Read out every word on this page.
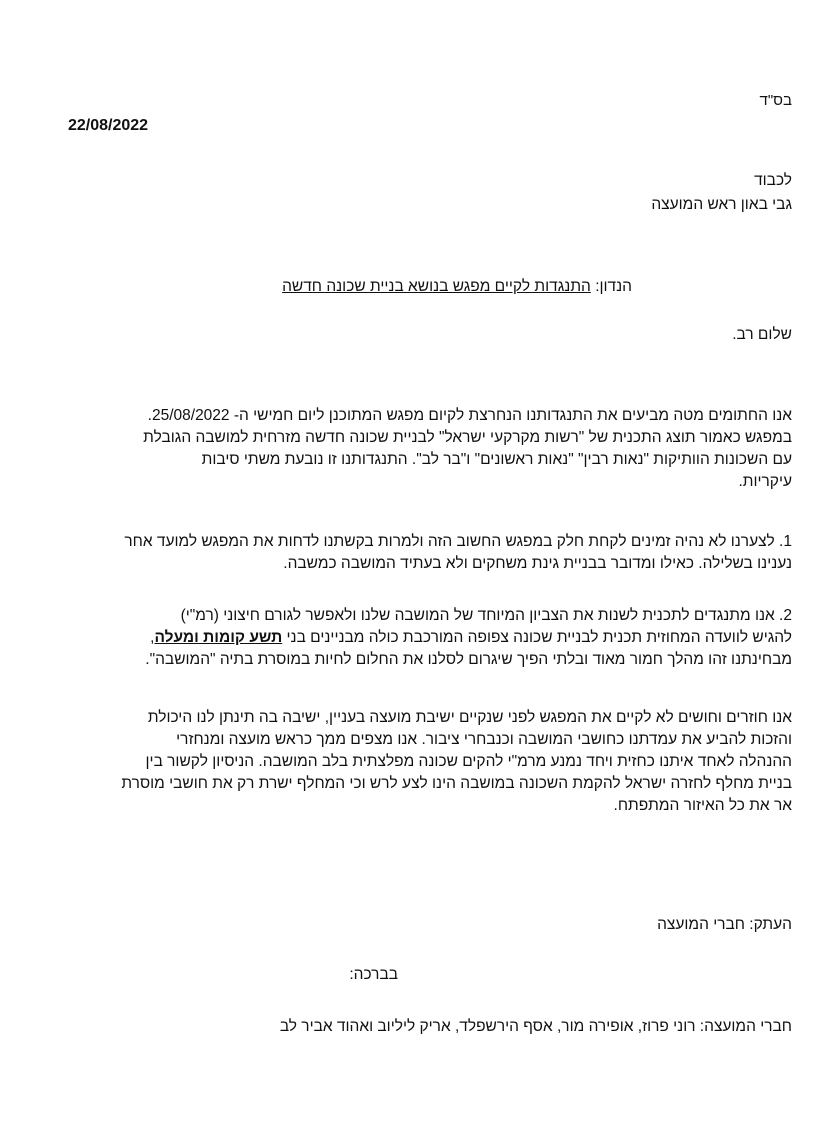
בס"ד
22/08/2022
לכבוד
גבי באון ראש המועצה
הנדון: התנגדות לקיים מפגש בנושא בניית שכונה חדשה
שלום רב.
אנו החתומים מטה מביעים את התנגדותנו הנחרצת לקיום מפגש המתוכנן ליום חמישי ה- 25/08/2022.
במפגש כאמור תוצג התכנית של "רשות מקרקעי ישראל" לבניית שכונה חדשה מזרחית למושבה הגובלת
עם השכונות הוותיקות "נאות רבין" "נאות ראשונים" ו"בר לב". התנגדותנו זו נובעת משתי סיבות
עיקריות.
1. לצערנו לא נהיה זמינים לקחת חלק במפגש החשוב הזה ולמרות בקשתנו לדחות את המפגש למועד אחר
נענינו בשלילה. כאילו ומדובר בבניית גינת משחקים ולא בעתיד המושבה כמשבה.
2. אנו מתנגדים לתכנית לשנות את הצביון המיוחד של המושבה שלנו ולאפשר לגורם חיצוני (רמ"י)
להגיש לוועדה המחוזית תכנית לבניית שכונה צפופה המורכבת כולה מבניינים בני תשע קומות ומעלה,
מבחינתנו זהו מהלך חמור מאוד ובלתי הפיך שיגרום לסלנו את החלום לחיות במוסרת בתיה "המושבה".
אנו חוזרים וחושים לא לקיים את המפגש לפני שנקיים ישיבת מועצה בעניין, ישיבה בה תינתן לנו היכולת
והזכות להביע את עמדתנו כחושבי המושבה וכנבחרי ציבור. אנו מצפים ממך כראש מועצה ומנחזרי
ההנהלה לאחד איתנו כחזית ויחד נמנע מרמ"י להקים שכונה מפלצתית בלב המושבה. הניסיון לקשור בין
בניית מחלף לחזרה ישראל להקמת השכונה במושבה הינו לצע לרש וכי המחלף ישרת רק את חושבי מוסרת
אר את כל האיזור המתפתח.
העתק: חברי המועצה
בברכה:
חברי המועצה: רוני פרוז, אופירה מור, אסף הירשפלד, אריק ליליוב ואהוד אביר לב
